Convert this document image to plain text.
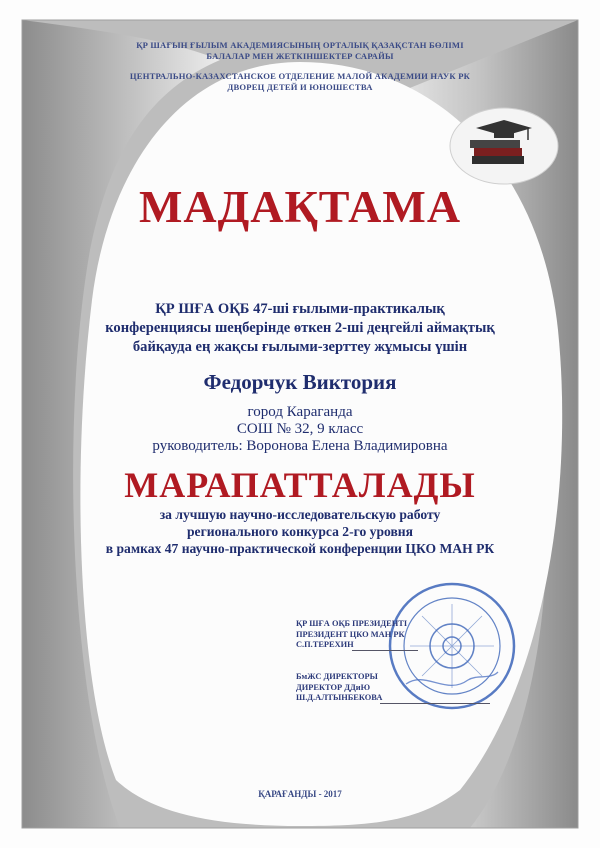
ҚР ШАҒЫН ҒЫЛЫМ АКАДЕМИЯСЫНЫҢ ОРТАЛЫҚ ҚАЗАҚСТАН БӨЛІМІ
БАЛАЛАР МЕН ЖЕТКІНШЕКТЕР САРАЙЫ
ЦЕНТРАЛЬНО-КАЗАХСТАНСКОЕ ОТДЕЛЕНИЕ МАЛОЙ АКАДЕМИИ НАУК РК
ДВОРЕЦ ДЕТЕЙ И ЮНОШЕСТВА
МАДАҚТАМА
ҚР ШҒА ОҚБ 47-ші ғылыми-практикалық
конференциясы шеңберінде өткен 2-ші деңгейлі аймақтық
байқауда ең жақсы ғылыми-зерттеу жұмысы үшін
Федорчук Виктория
город Караганда
СОШ № 32, 9 класс
руководитель: Воронова Елена Владимировна
МАРАПАТТАЛАДЫ
за лучшую научно-исследовательскую работу
регионального конкурса 2-го уровня
в рамках 47 научно-практической конференции ЦКО МАН РК
ҚР ШҒА ОҚБ ПРЕЗИДЕНТІ
ПРЕЗИДЕНТ ЦКО МАН РК
С.П.ТЕРЕХИН
БмЖС ДИРЕКТОРЫ
ДИРЕКТОР ДДиЮ
Ш.Д.АЛТЫНБЕКОВА
ҚАРАҒАНДЫ - 2017
